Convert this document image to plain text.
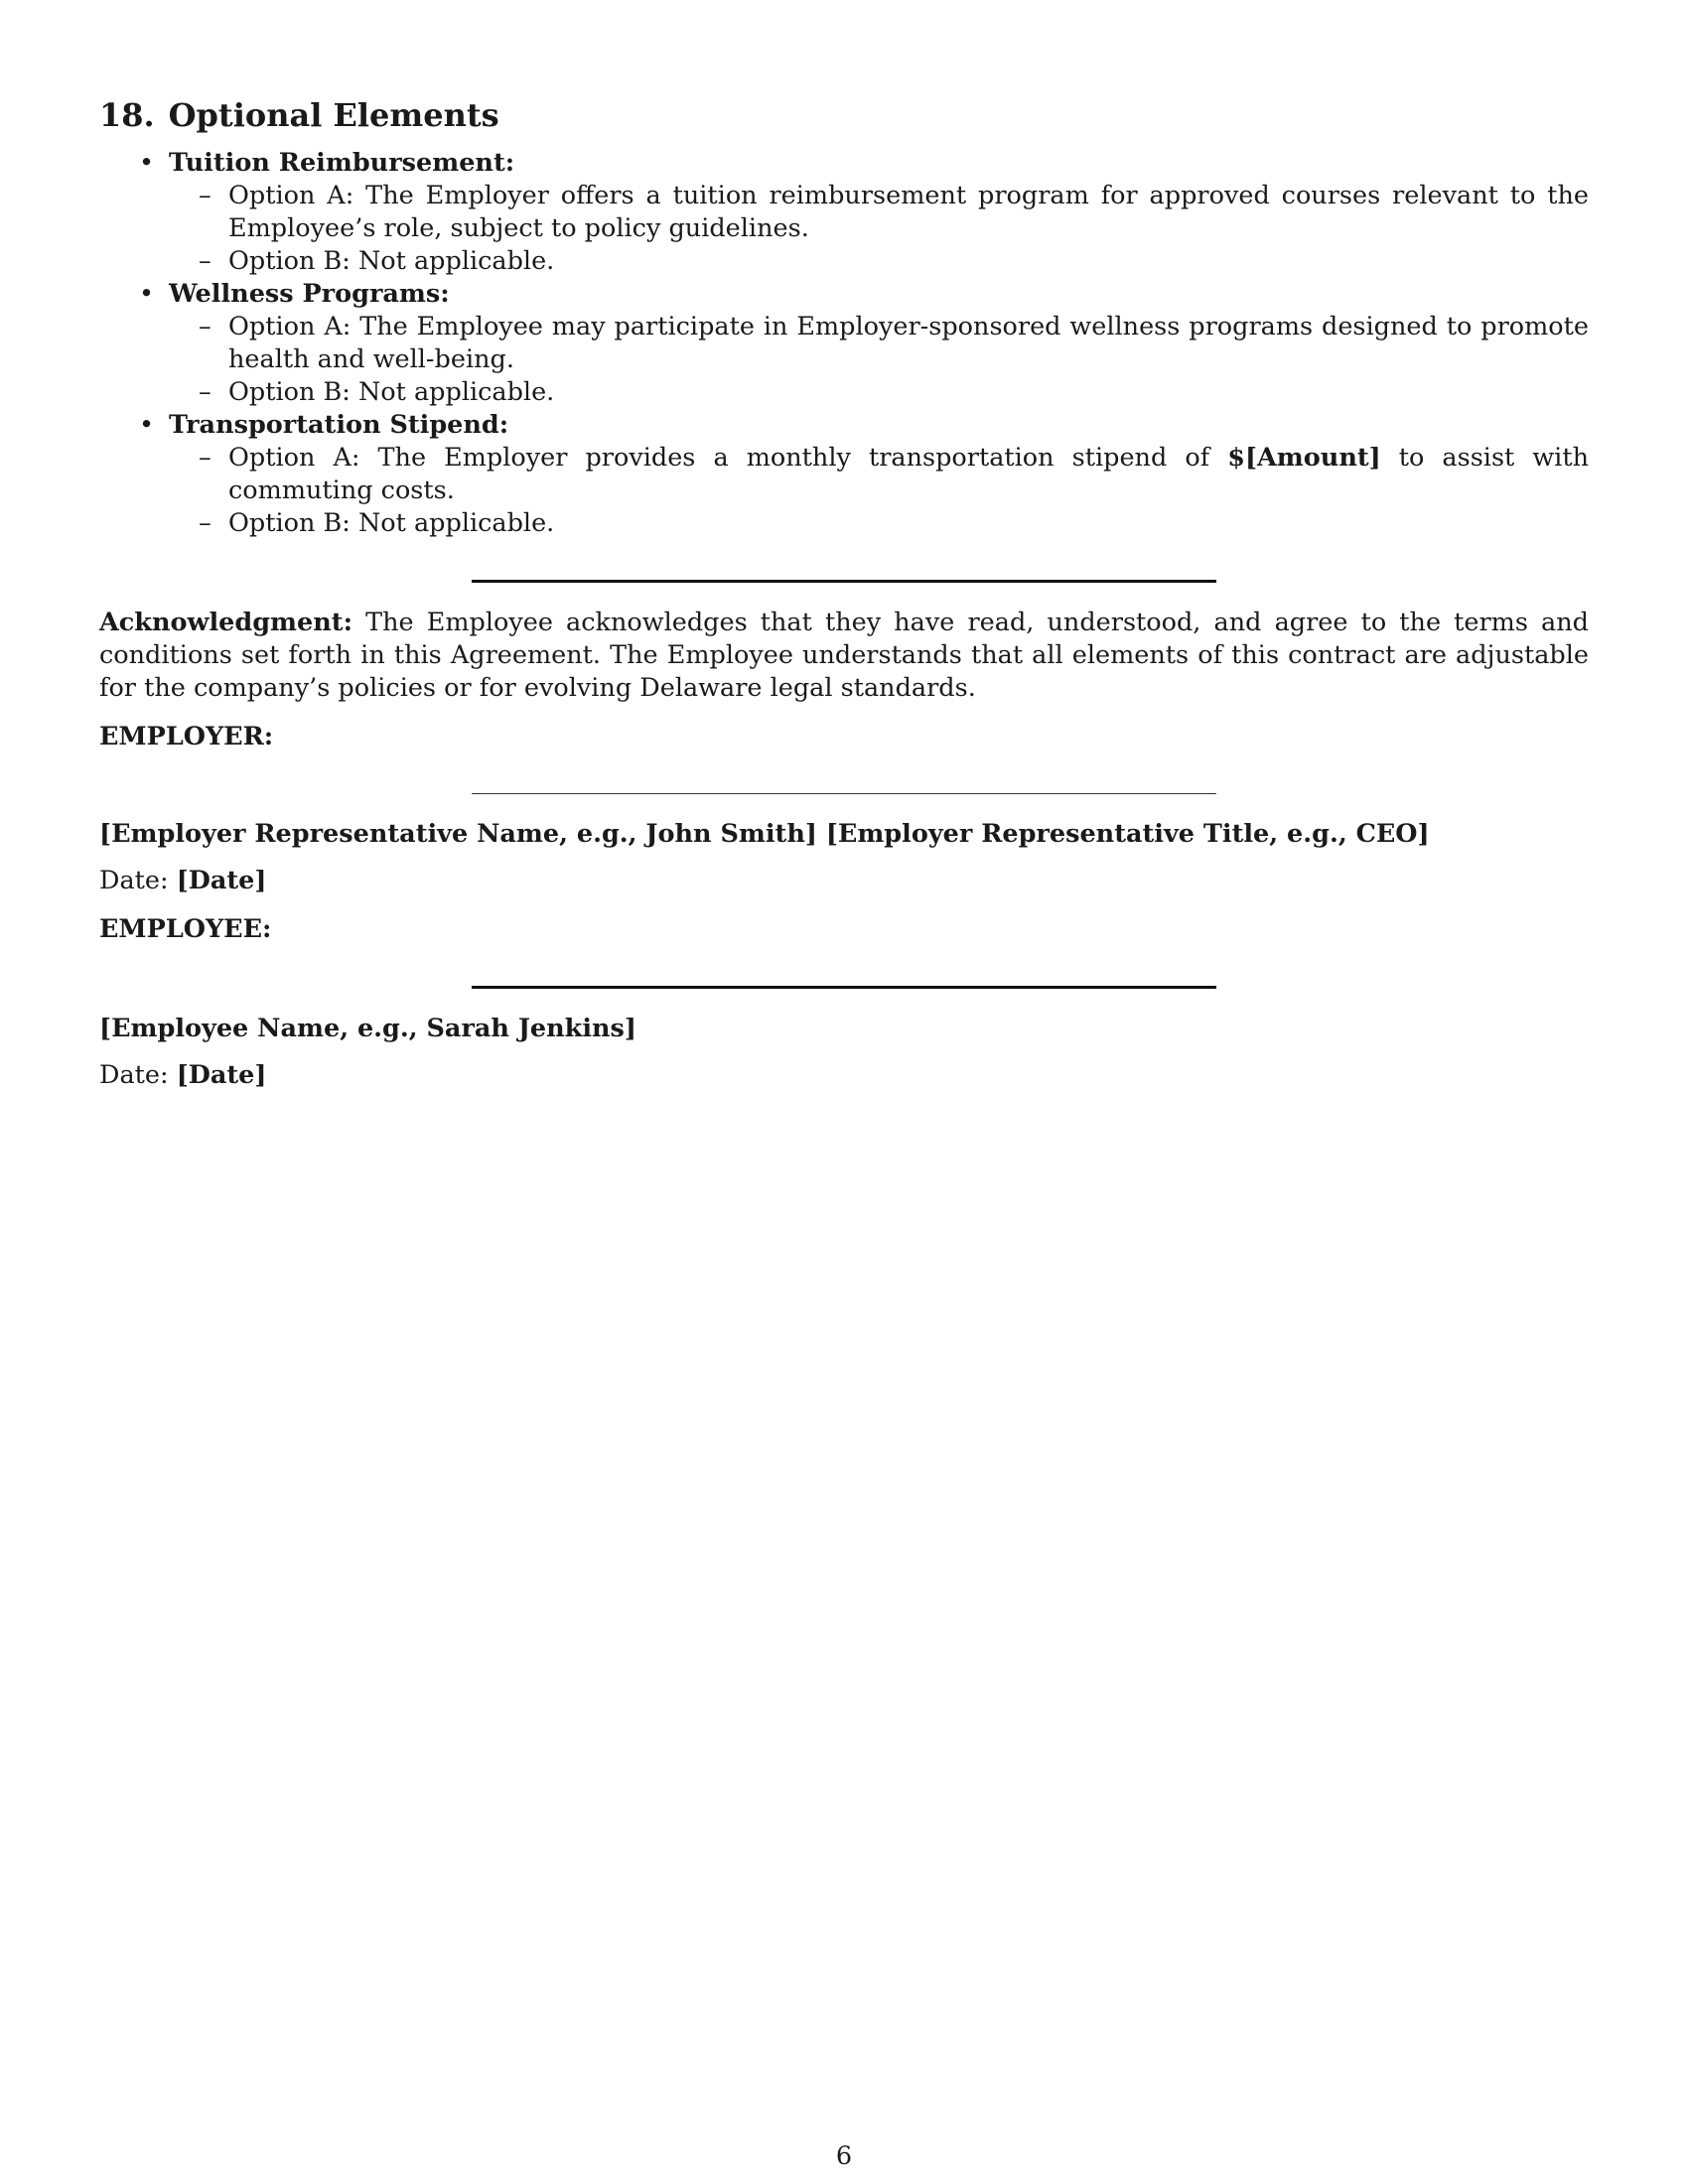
18. Optional Elements
• Tuition Reimbursement:
– Option A: The Employer offers a tuition reimbursement program for approved courses relevant to the Employee’s role, subject to policy guidelines.
– Option B: Not applicable.
• Wellness Programs:
– Option A: The Employee may participate in Employer-sponsored wellness programs designed to promote health and well-being.
– Option B: Not applicable.
• Transportation Stipend:
– Option A: The Employer provides a monthly transportation stipend of $[Amount] to assist with commuting costs.
– Option B: Not applicable.
Acknowledgment: The Employee acknowledges that they have read, understood, and agree to the terms and conditions set forth in this Agreement. The Employee understands that all elements of this contract are adjustable for the company’s policies or for evolving Delaware legal standards.
EMPLOYER:
[Employer Representative Name, e.g., John Smith] [Employer Representative Title, e.g., CEO]
Date: [Date]
EMPLOYEE:
[Employee Name, e.g., Sarah Jenkins]
Date: [Date]
6
